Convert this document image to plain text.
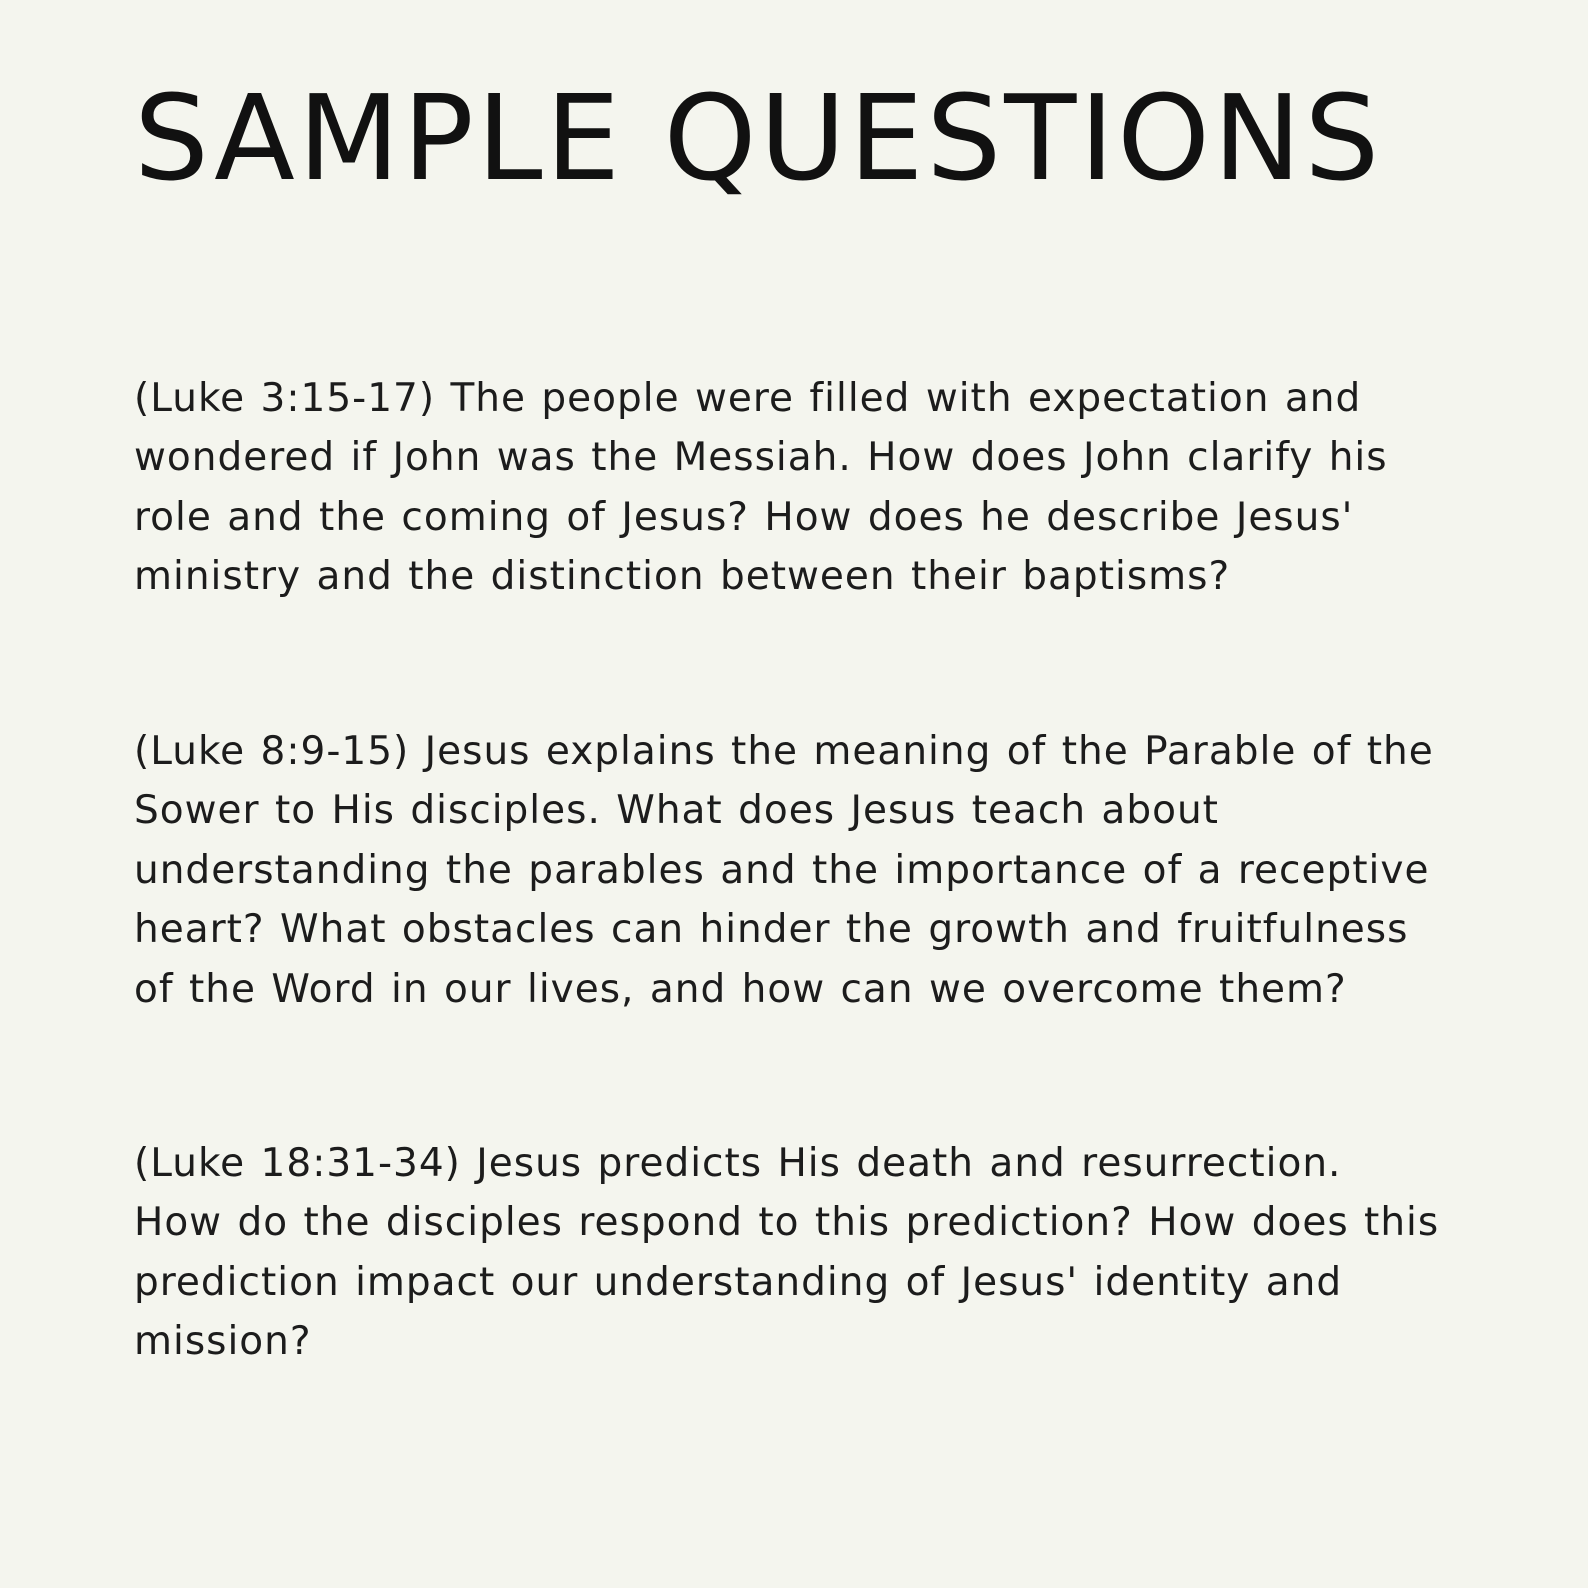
SAMPLE QUESTIONS

(Luke 3:15-17) The people were filled with expectation and wondered if John was the Messiah. How does John clarify his role and the coming of Jesus? How does he describe Jesus' ministry and the distinction between their baptisms?

(Luke 8:9-15) Jesus explains the meaning of the Parable of the Sower to His disciples. What does Jesus teach about understanding the parables and the importance of a receptive heart? What obstacles can hinder the growth and fruitfulness of the Word in our lives, and how can we overcome them?

(Luke 18:31-34) Jesus predicts His death and resurrection. How do the disciples respond to this prediction? How does this prediction impact our understanding of Jesus' identity and mission?
